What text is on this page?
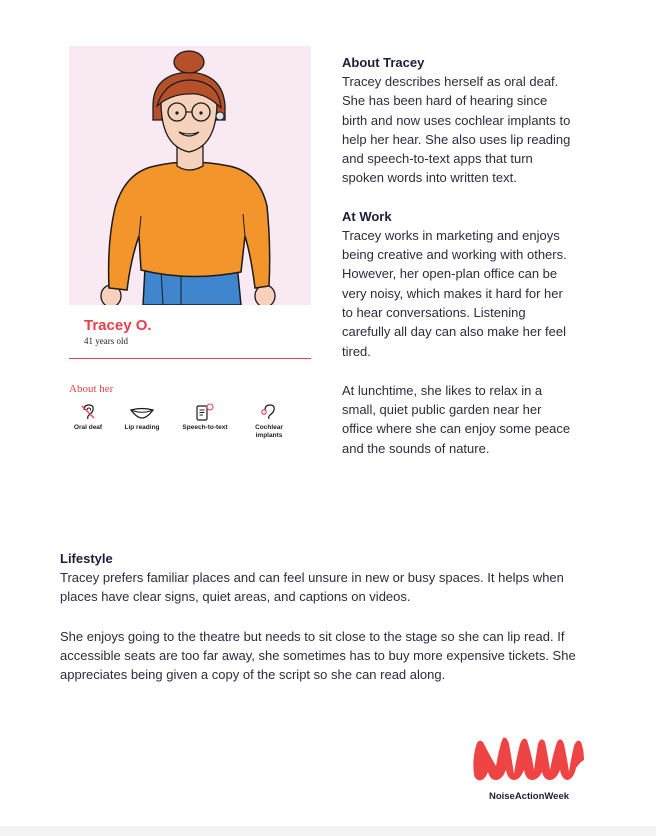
Tracey O.
41 years old
About her
Oral deaf	Lip reading	Speech-to-text	Cochlear implants
About Tracey

Tracey describes herself as oral deaf. She has been hard of hearing since birth and now uses cochlear implants to help her hear. She also uses lip reading and speech-to-text apps that turn spoken words into written text.

At Work

Tracey works in marketing and enjoys being creative and working with others. However, her open-plan office can be very noisy, which makes it hard for her to hear conversations. Listening carefully all day can also make her feel tired.

At lunchtime, she likes to relax in a small, quiet public garden near her office where she can enjoy some peace and the sounds of nature.

Lifestyle

Tracey prefers familiar places and can feel unsure in new or busy spaces. It helps when places have clear signs, quiet areas, and captions on videos.

She enjoys going to the theatre but needs to sit close to the stage so she can lip read. If accessible seats are too far away, she sometimes has to buy more expensive tickets. She appreciates being given a copy of the script so she can read along.

NoiseActionWeek
